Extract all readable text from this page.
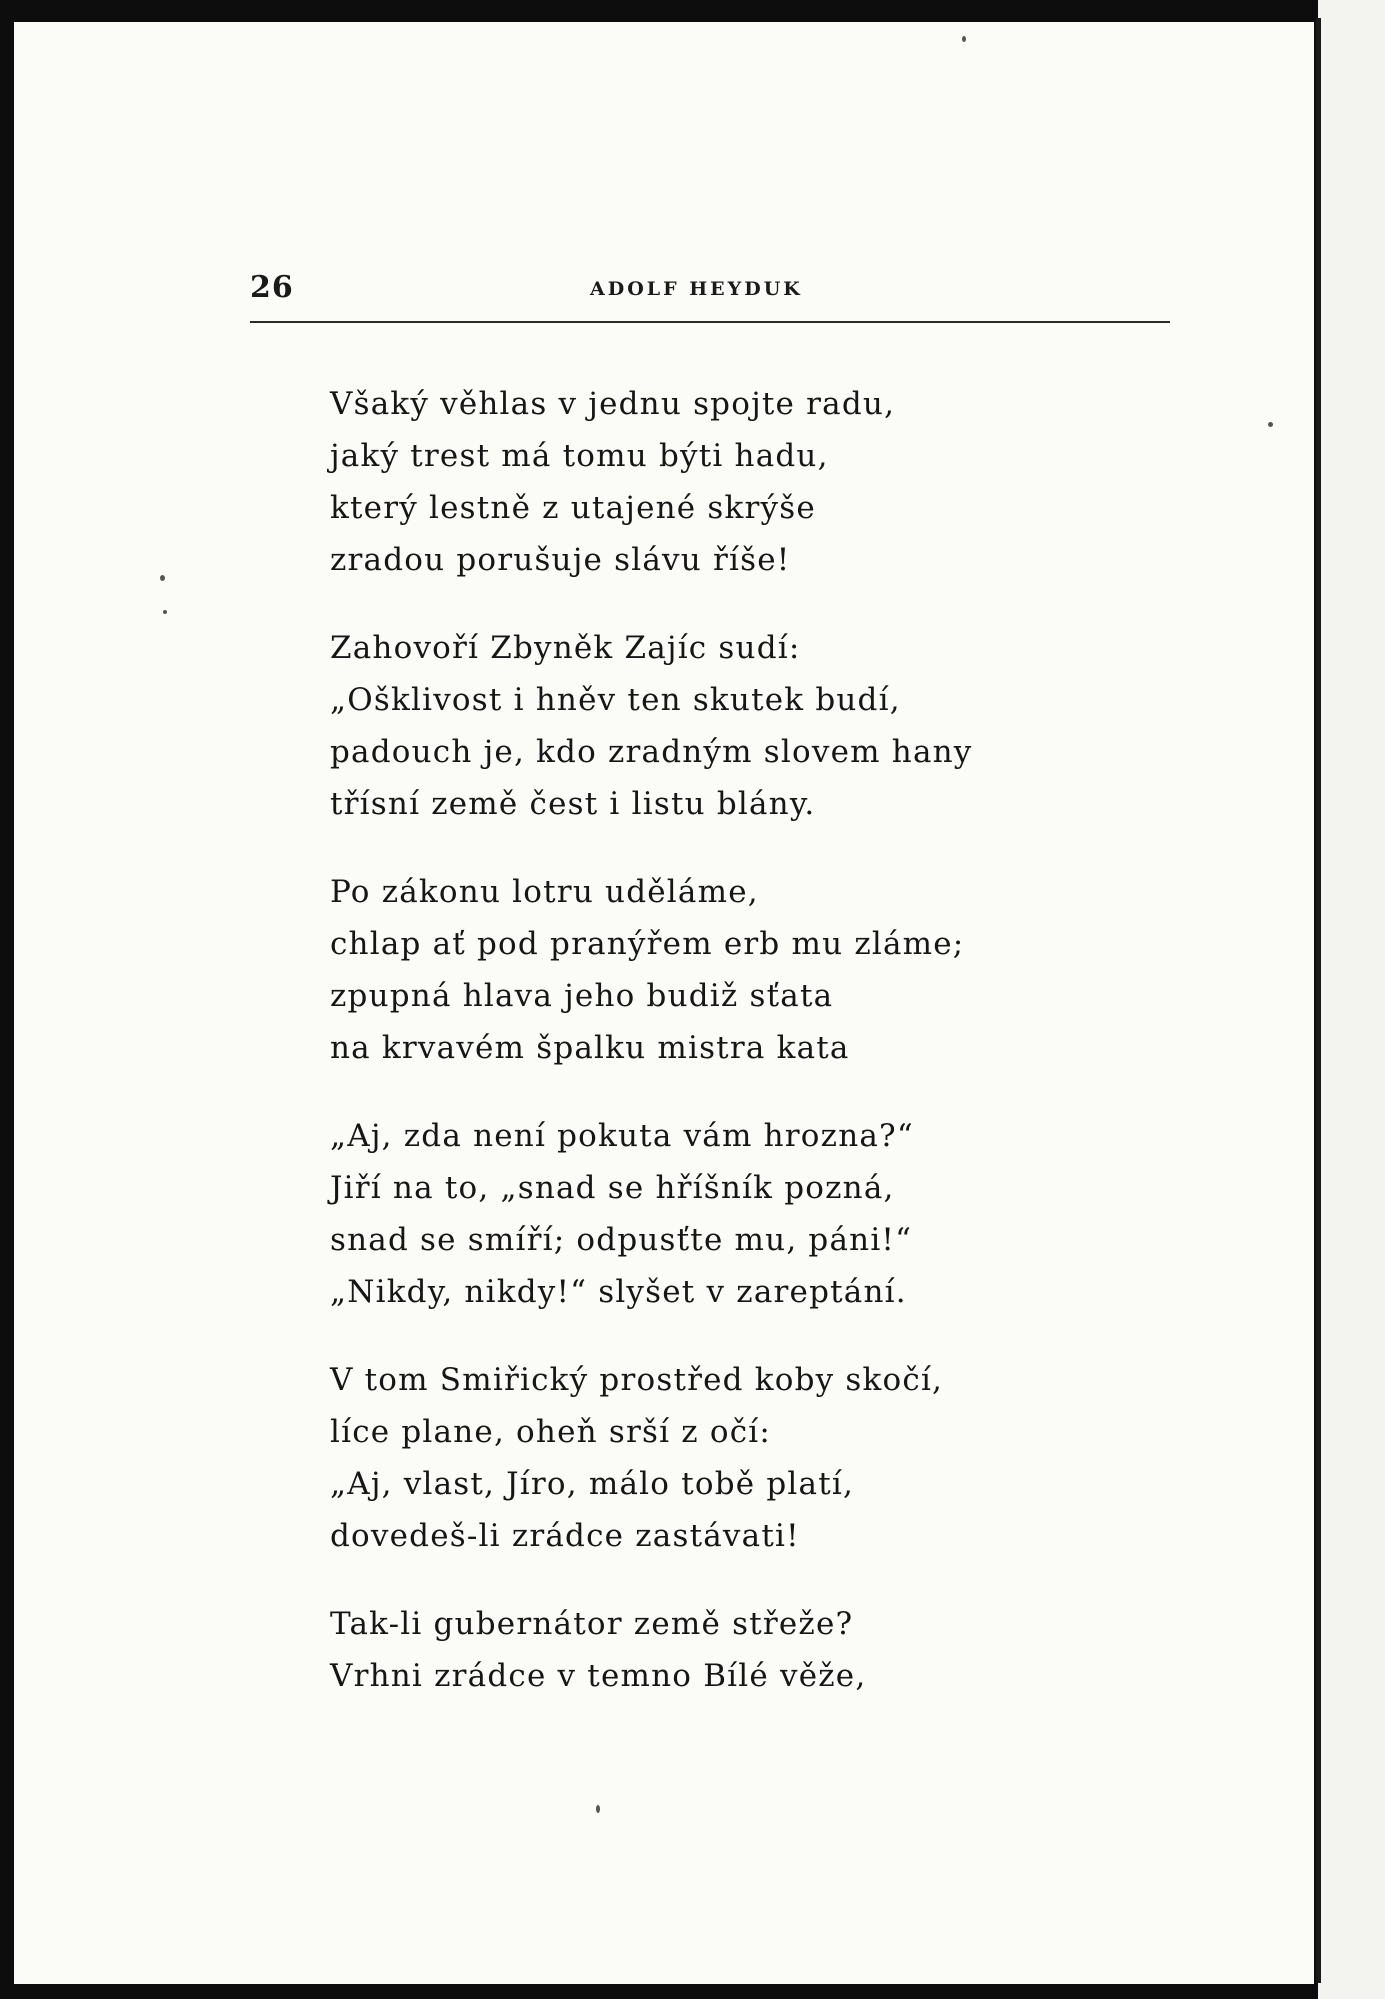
26	ADOLF HEYDUK
Všaký věhlas v jednu spojte radu,
jaký trest má tomu býti hadu,
který lestně z utajené skrýše
zradou porušuje slávu říše!
Zahovoří Zbyněk Zajíc sudí:
„Ošklivost i hněv ten skutek budí,
padouch je, kdo zradným slovem hany
třísní země čest i listu blány.
Po zákonu lotru uděláme,
chlap ať pod pranýřem erb mu zláme;
zpupná hlava jeho budiž sťata
na krvavém špalku mistra kata
„Aj, zda není pokuta vám hrozna?“
Jiří na to, „snad se hříšník pozná,
snad se smíří; odpusťte mu, páni!“
„Nikdy, nikdy!“ slyšet v zareptání.
V tom Smiřický prostřed koby skočí,
líce plane, oheň srší z očí:
„Aj, vlast, Jíro, málo tobě platí,
dovedeš-li zrádce zastávati!
Tak-li gubernátor země střeže?
Vrhni zrádce v temno Bílé věže,
